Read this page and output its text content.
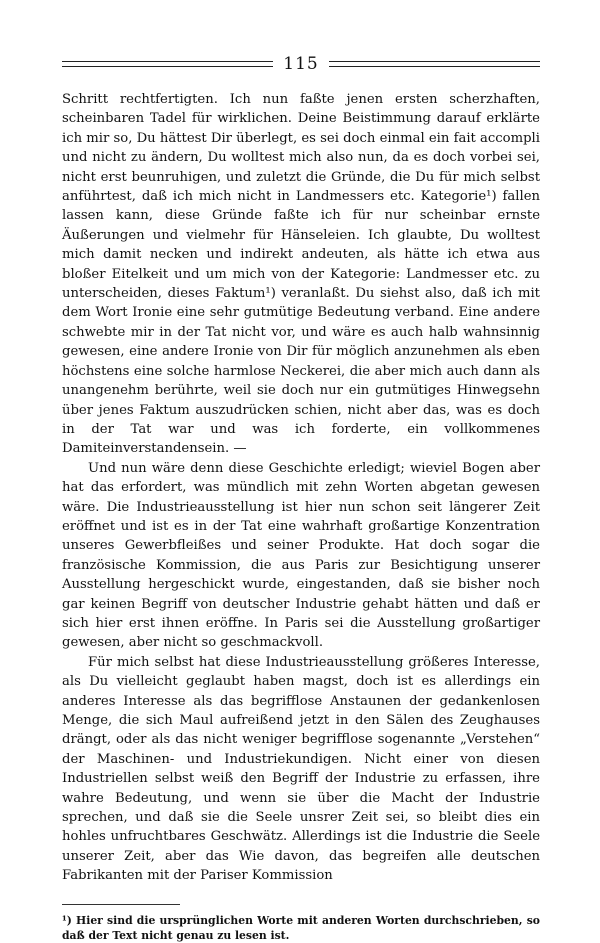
115

Schritt rechtfertigten. Ich nun faßte jenen ersten scherzhaften, scheinbaren Tadel für wirklichen. Deine Beistimmung darauf erklärte ich mir so, Du hättest Dir überlegt, es sei doch einmal ein fait accompli und nicht zu ändern, Du wolltest mich also nun, da es doch vorbei sei, nicht erst beunruhigen, und zuletzt die Gründe, die Du für mich selbst anführtest, daß ich mich nicht in Landmessers etc. Kategorie¹) fallen lassen kann, diese Gründe faßte ich für nur scheinbar ernste Äußerungen und vielmehr für Hänseleien. Ich glaubte, Du wolltest mich damit necken und indirekt andeuten, als hätte ich etwa aus bloßer Eitelkeit und um mich von der Kategorie: Landmesser etc. zu unterscheiden, dieses Faktum¹) veranlaßt. Du siehst also, daß ich mit dem Wort Ironie eine sehr gutmütige Bedeutung verband. Eine andere schwebte mir in der Tat nicht vor, und wäre es auch halb wahnsinnig gewesen, eine andere Ironie von Dir für möglich anzunehmen als eben höchstens eine solche harmlose Neckerei, die aber mich auch dann als unangenehm berührte, weil sie doch nur ein gutmütiges Hinwegsehn über jenes Faktum auszudrücken schien, nicht aber das, was es doch in der Tat war und was ich forderte, ein vollkommenes Damiteinverstandensein. —

Und nun wäre denn diese Geschichte erledigt; wieviel Bogen aber hat das erfordert, was mündlich mit zehn Worten abgetan gewesen wäre. Die Industrieausstellung ist hier nun schon seit längerer Zeit eröffnet und ist es in der Tat eine wahrhaft großartige Konzentration unseres Gewerbfleißes und seiner Produkte. Hat doch sogar die französische Kommission, die aus Paris zur Besichtigung unserer Ausstellung hergeschickt wurde, eingestanden, daß sie bisher noch gar keinen Begriff von deutscher Industrie gehabt hätten und daß er sich hier erst ihnen eröffne. In Paris sei die Ausstellung großartiger gewesen, aber nicht so geschmackvoll.

Für mich selbst hat diese Industrieausstellung größeres Interesse, als Du vielleicht geglaubt haben magst, doch ist es allerdings ein anderes Interesse als das begrifflose Anstaunen der gedankenlosen Menge, die sich Maul aufreißend jetzt in den Sälen des Zeughauses drängt, oder als das nicht weniger begrifflose sogenannte „Verstehen“ der Maschinen- und Industriekundigen. Nicht einer von diesen Industriellen selbst weiß den Begriff der Industrie zu erfassen, ihre wahre Bedeutung, und wenn sie über die Macht der Industrie sprechen, und daß sie die Seele unsrer Zeit sei, so bleibt dies ein hohles unfruchtbares Geschwätz. Allerdings ist die Industrie die Seele unserer Zeit, aber das Wie davon, das begreifen alle deutschen Fabrikanten mit der Pariser Kommission

¹) Hier sind die ursprünglichen Worte mit anderen Worten durchschrieben, so daß der Text nicht genau zu lesen ist.
